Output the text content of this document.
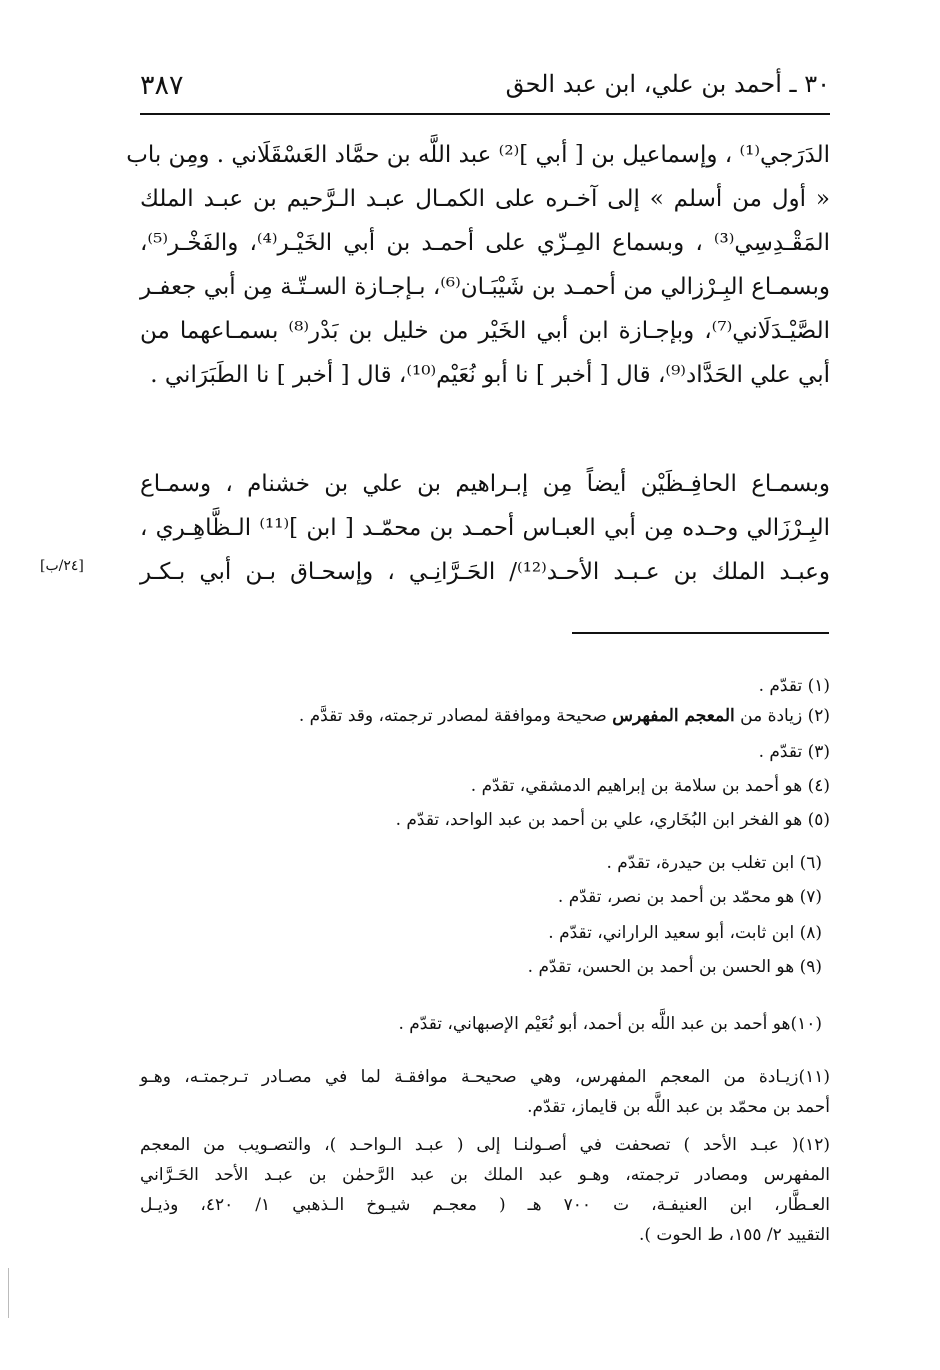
٣٨٧	٣٠ ـ أحمد بن علي، ابن عبد الحق
الدَرَجي⁽¹⁾ ، وإسماعيل بن [ أبي ]⁽²⁾ عبد اللَّه بن حمَّاد العَسْقَلَاني . ومِن باب
« أول من أسلم » إلى آخـره على الكمـال عبـد الـرَّحيم بن عبـد الملك
المَقْـدِسِي⁽³⁾ ، وبسماع المِـزّي على أحمـد بن أبي الخَيْـر⁽⁴⁾، والفَخْـر⁽⁵⁾،
وبسمـاع البِـرْزالي من أحمـد بن شَيْبَـان⁽⁶⁾، بـإجـازة السـتّـة مِن أبي جعفـر
الصَّيْـدَلَاني⁽⁷⁾، وبإجـازة ابن أبي الخَيْر من خليل بن بَدْر⁽⁸⁾ بسمـاعهما من
أبي علي الحَدَّاد⁽⁹⁾، قال [ أخبر ] نا أبو نُعَيْم⁽¹⁰⁾، قال [ أخبر ] نا الطَبَرَاني .
وبسمـاع الحافِـظَيْن أيضاً مِن إبـراهيم بن علي بن خشنام ، وسمـاع
البِـرْزَالي وحـده مِن أبي العبـاس أحمـد بن محمّـد [ ابن ]⁽¹¹⁾ الـظَّاهِـري ،
وعبـد الملك بن عـبـد الأحـد⁽¹²⁾/ الحَـرَّانِـي ، وإسحـاق بـن أبي بـكـر
[٢٤/ب]
(١) تقدّم .
(٢) زيادة من المعجم المفهرس صحيحة وموافقة لمصادر ترجمته، وقد تقدَّم .
(٣) تقدّم .
(٤) هو أحمد بن سلامة بن إبراهيم الدمشقي، تقدّم .
(٥) هو الفخر ابن البُخَاري، علي بن أحمد بن عبد الواحد، تقدّم .
(٦) ابن تغلب بن حيدرة، تقدّم .
(٧) هو محمّد بن أحمد بن نصر، تقدّم .
(٨) ابن ثابت، أبو سعيد الراراني، تقدّم .
(٩) هو الحسن بن أحمد بن الحسن، تقدّم .
(١٠)هو أحمد بن عبد اللَّه بن أحمد، أبو نُعَيْم الإصبهاني، تقدّم .
(١١)زيـادة من المعجم المفهرس، وهي صحيحـة موافقـة لما في مصـادر تـرجمتـه، وهـو
أحمد بن محمّد بن عبد اللَّه بن قايماز، تقدّم.
(١٢)( عبـد الأحد ) تصحفت في أصـولنـا إلى ( عبـد الـواحـد )، والتصـويب من المعجم
المفهرس ومصادر ترجمته، وهـو عبد الملك بن عبد الرَّحمٰن بن عبـد الأحد الحَـرَّاني
العـطَّار، ابن العنيفـة، ت ٧٠٠ هـ ( معجـم شيـوخ الـذهبي ١/ ٤٢٠، وذيـل
التقييد ٢/ ١٥٥، ط الحوت ).
